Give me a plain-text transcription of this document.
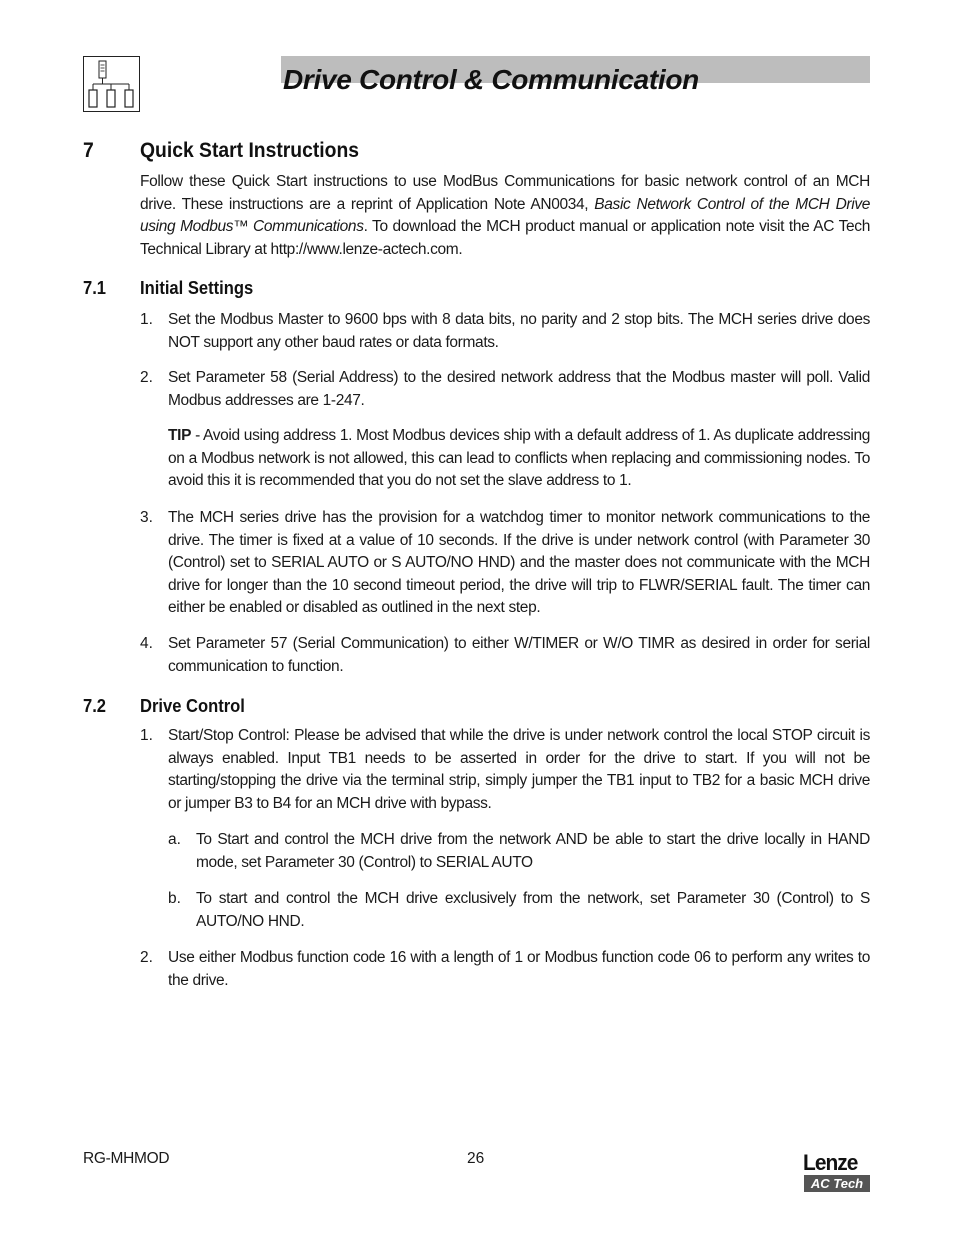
Drive Control & Communication
7 Quick Start Instructions
Follow these Quick Start instructions to use ModBus Communications for basic network control of an MCH drive. These instructions are a reprint of Application Note AN0034, Basic Network Control of the MCH Drive using Modbus™ Communications. To download the MCH product manual or application note visit the AC Tech Technical Library at http://www.lenze-actech.com.
7.1 Initial Settings
1. Set the Modbus Master to 9600 bps with 8 data bits, no parity and 2 stop bits. The MCH series drive does NOT support any other baud rates or data formats.
2. Set Parameter 58 (Serial Address) to the desired network address that the Modbus master will poll. Valid Modbus addresses are 1-247.
TIP - Avoid using address 1. Most Modbus devices ship with a default address of 1. As duplicate addressing on a Modbus network is not allowed, this can lead to conflicts when replacing and commissioning nodes. To avoid this it is recommended that you do not set the slave address to 1.
3. The MCH series drive has the provision for a watchdog timer to monitor network communications to the drive. The timer is fixed at a value of 10 seconds. If the drive is under network control (with Parameter 30 (Control) set to SERIAL AUTO or S AUTO/NO HND) and the master does not communicate with the MCH drive for longer than the 10 second timeout period, the drive will trip to FLWR/SERIAL fault. The timer can either be enabled or disabled as outlined in the next step.
4. Set Parameter 57 (Serial Communication) to either W/TIMER or W/O TIMR as desired in order for serial communication to function.
7.2 Drive Control
1. Start/Stop Control: Please be advised that while the drive is under network control the local STOP circuit is always enabled. Input TB1 needs to be asserted in order for the drive to start. If you will not be starting/stopping the drive via the terminal strip, simply jumper the TB1 input to TB2 for a basic MCH drive or jumper B3 to B4 for an MCH drive with bypass.
a. To Start and control the MCH drive from the network AND be able to start the drive locally in HAND mode, set Parameter 30 (Control) to SERIAL AUTO
b. To start and control the MCH drive exclusively from the network, set Parameter 30 (Control) to S AUTO/NO HND.
2. Use either Modbus function code 16 with a length of 1 or Modbus function code 06 to perform any writes to the drive.
RG-MHMOD	26	Lenze
AC Tech
